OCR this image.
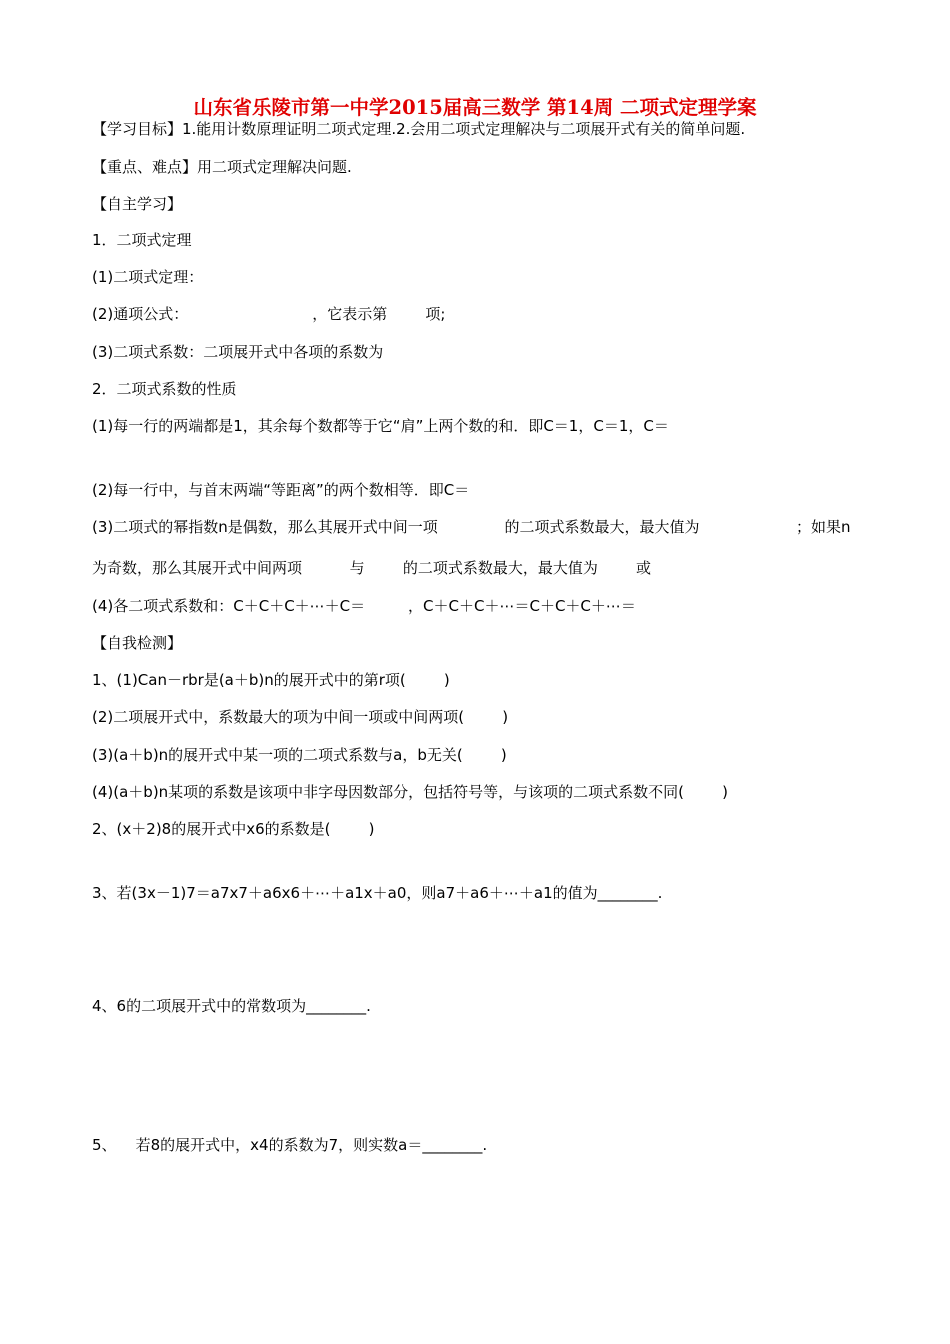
山东省乐陵市第一中学2015届高三数学 第14周 二项式定理学案
【学习目标】1.能用计数原理证明二项式定理.2.会用二项式定理解决与二项展开式有关的简单问题.
【重点、难点】用二项式定理解决问题.
【自主学习】
1．二项式定理
(1)二项式定理：
(2)通项公式：                          ，它表示第        项;
(3)二项式系数：二项展开式中各项的系数为
2．二项式系数的性质
(1)每一行的两端都是1，其余每个数都等于它“肩”上两个数的和．即C＝1，C＝1，C＝
(2)每一行中，与首末两端“等距离”的两个数相等．即C＝
(3)二项式的幂指数n是偶数，那么其展开式中间一项              的二项式系数最大，最大值为	；如果n
为奇数，那么其展开式中间两项          与        的二项式系数最大，最大值为        或
(4)各二项式系数和：C＋C＋C＋⋯＋C＝         ，C＋C＋C＋⋯＝C＋C＋C＋⋯＝
【自我检测】
1、(1)Can－rbr是(a＋b)n的展开式中的第r项(        )
(2)二项展开式中，系数最大的项为中间一项或中间两项(        )
(3)(a＋b)n的展开式中某一项的二项式系数与a，b无关(        )
(4)(a＋b)n某项的系数是该项中非字母因数部分，包括符号等，与该项的二项式系数不同(        )
2、(x＋2)8的展开式中x6的系数是(        )
3、若(3x－1)7＝a7x7＋a6x6＋⋯＋a1x＋a0，则a7＋a6＋⋯＋a1的值为________.
4、6的二项展开式中的常数项为________.
5、    若8的展开式中，x4的系数为7，则实数a＝________.
